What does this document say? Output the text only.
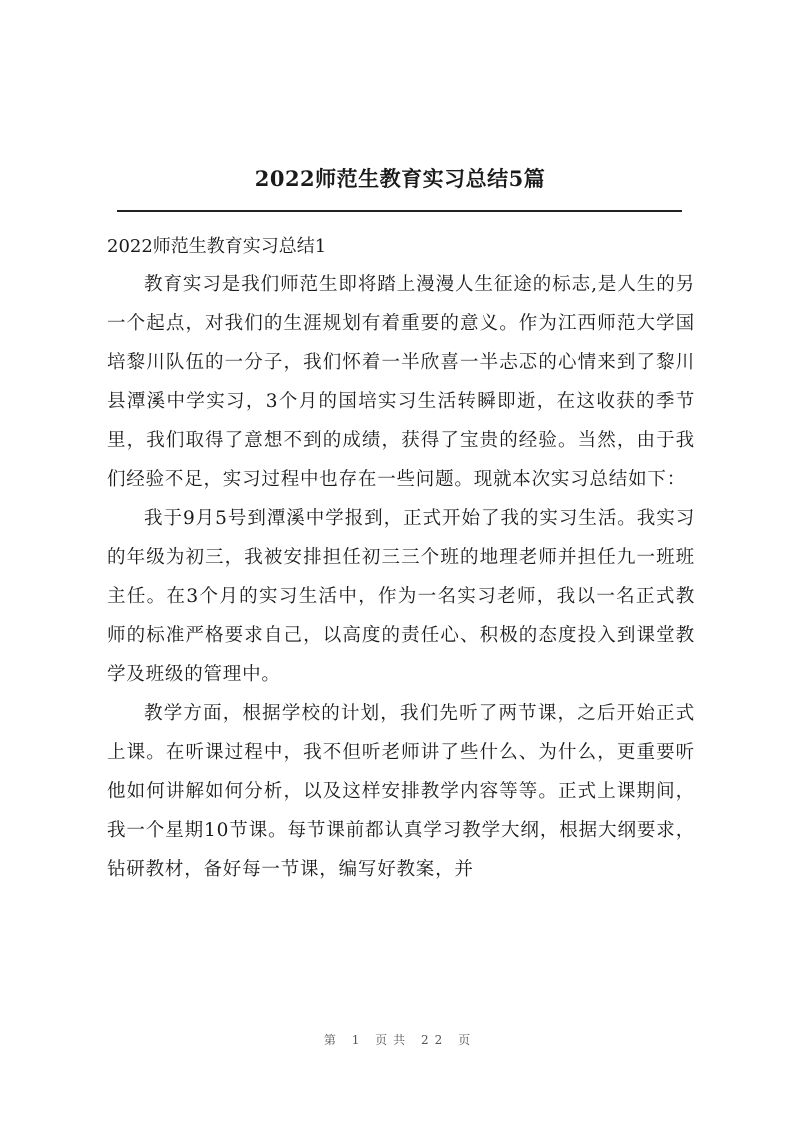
2022师范生教育实习总结5篇
2022师范生教育实习总结1

教育实习是我们师范生即将踏上漫漫人生征途的标志,是人生的另一个起点，对我们的生涯规划有着重要的意义。作为江西师范大学国培黎川队伍的一分子，我们怀着一半欣喜一半忐忑的心情来到了黎川县潭溪中学实习，3个月的国培实习生活转瞬即逝，在这收获的季节里，我们取得了意想不到的成绩，获得了宝贵的经验。当然，由于我们经验不足，实习过程中也存在一些问题。现就本次实习总结如下：

我于9月5号到潭溪中学报到，正式开始了我的实习生活。我实习的年级为初三，我被安排担任初三三个班的地理老师并担任九一班班主任。在3个月的实习生活中，作为一名实习老师，我以一名正式教师的标准严格要求自己，以高度的责任心、积极的态度投入到课堂教学及班级的管理中。

教学方面，根据学校的计划，我们先听了两节课，之后开始正式上课。在听课过程中，我不但听老师讲了些什么、为什么，更重要听他如何讲解如何分析，以及这样安排教学内容等等。正式上课期间，我一个星期10节课。每节课前都认真学习教学大纲，根据大纲要求，钻研教材，备好每一节课，编写好教案，并

第 1 页共 22 页
